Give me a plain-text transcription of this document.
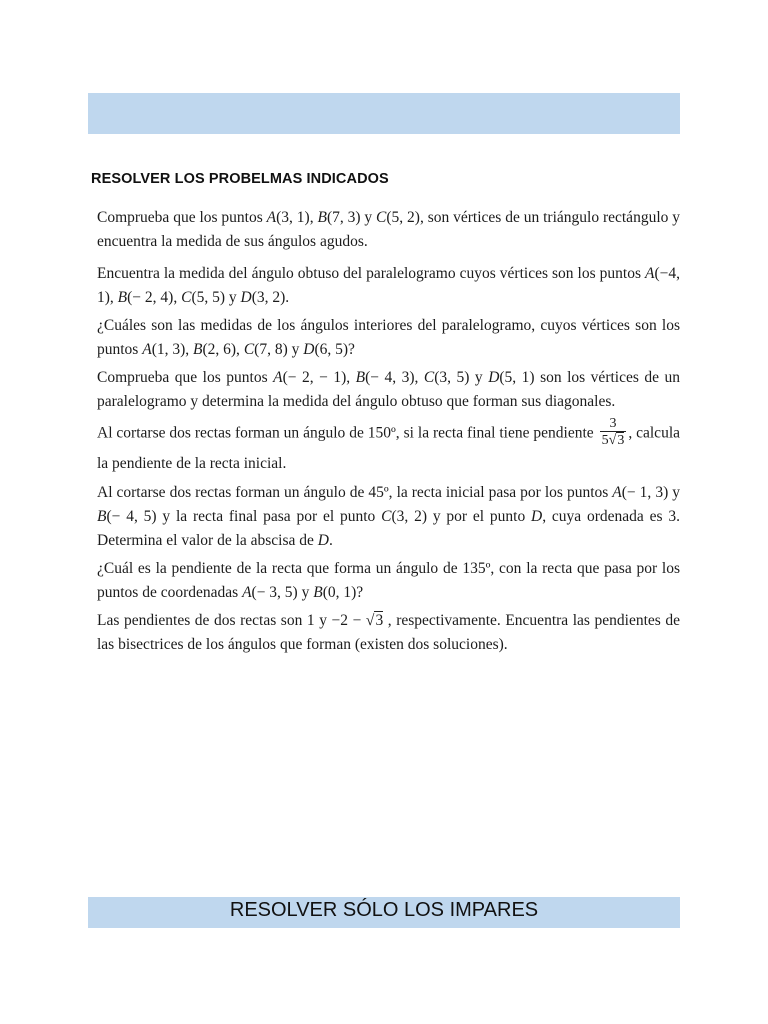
RESOLVER LOS PROBELMAS INDICADOS

Comprueba que los puntos A(3, 1), B(7, 3) y C(5, 2), son vértices de un triángulo rectángulo y encuentra la medida de sus ángulos agudos.

Encuentra la medida del ángulo obtuso del paralelogramo cuyos vértices son los puntos A(−4, 1), B(− 2, 4), C(5, 5) y D(3, 2).

¿Cuáles son las medidas de los ángulos interiores del paralelogramo, cuyos vértices son los puntos A(1, 3), B(2, 6), C(7, 8) y D(6, 5)?

Comprueba que los puntos A(− 2, − 1), B(− 4, 3), C(3, 5) y D(5, 1) son los vértices de un paralelogramo y determina la medida del ángulo obtuso que forman sus diagonales.

Al cortarse dos rectas forman un ángulo de 150º, si la recta final tiene pendiente $\frac{3}{5√3}$ , calcula la pendiente de la recta inicial.

Al cortarse dos rectas forman un ángulo de 45º, la recta inicial pasa por los puntos A(− 1, 3) y B(− 4, 5) y la recta final pasa por el punto C(3, 2) y por el punto D, cuya ordenada es 3. Determina el valor de la abscisa de D.

¿Cuál es la pendiente de la recta que forma un ángulo de 135º, con la recta que pasa por los puntos de coordenadas A(− 3, 5) y B(0, 1)?

Las pendientes de dos rectas son 1 y −2 − √3 , respectivamente. Encuentra las pendientes de las bisectrices de los ángulos que forman (existen dos soluciones).

RESOLVER SÓLO LOS IMPARES
